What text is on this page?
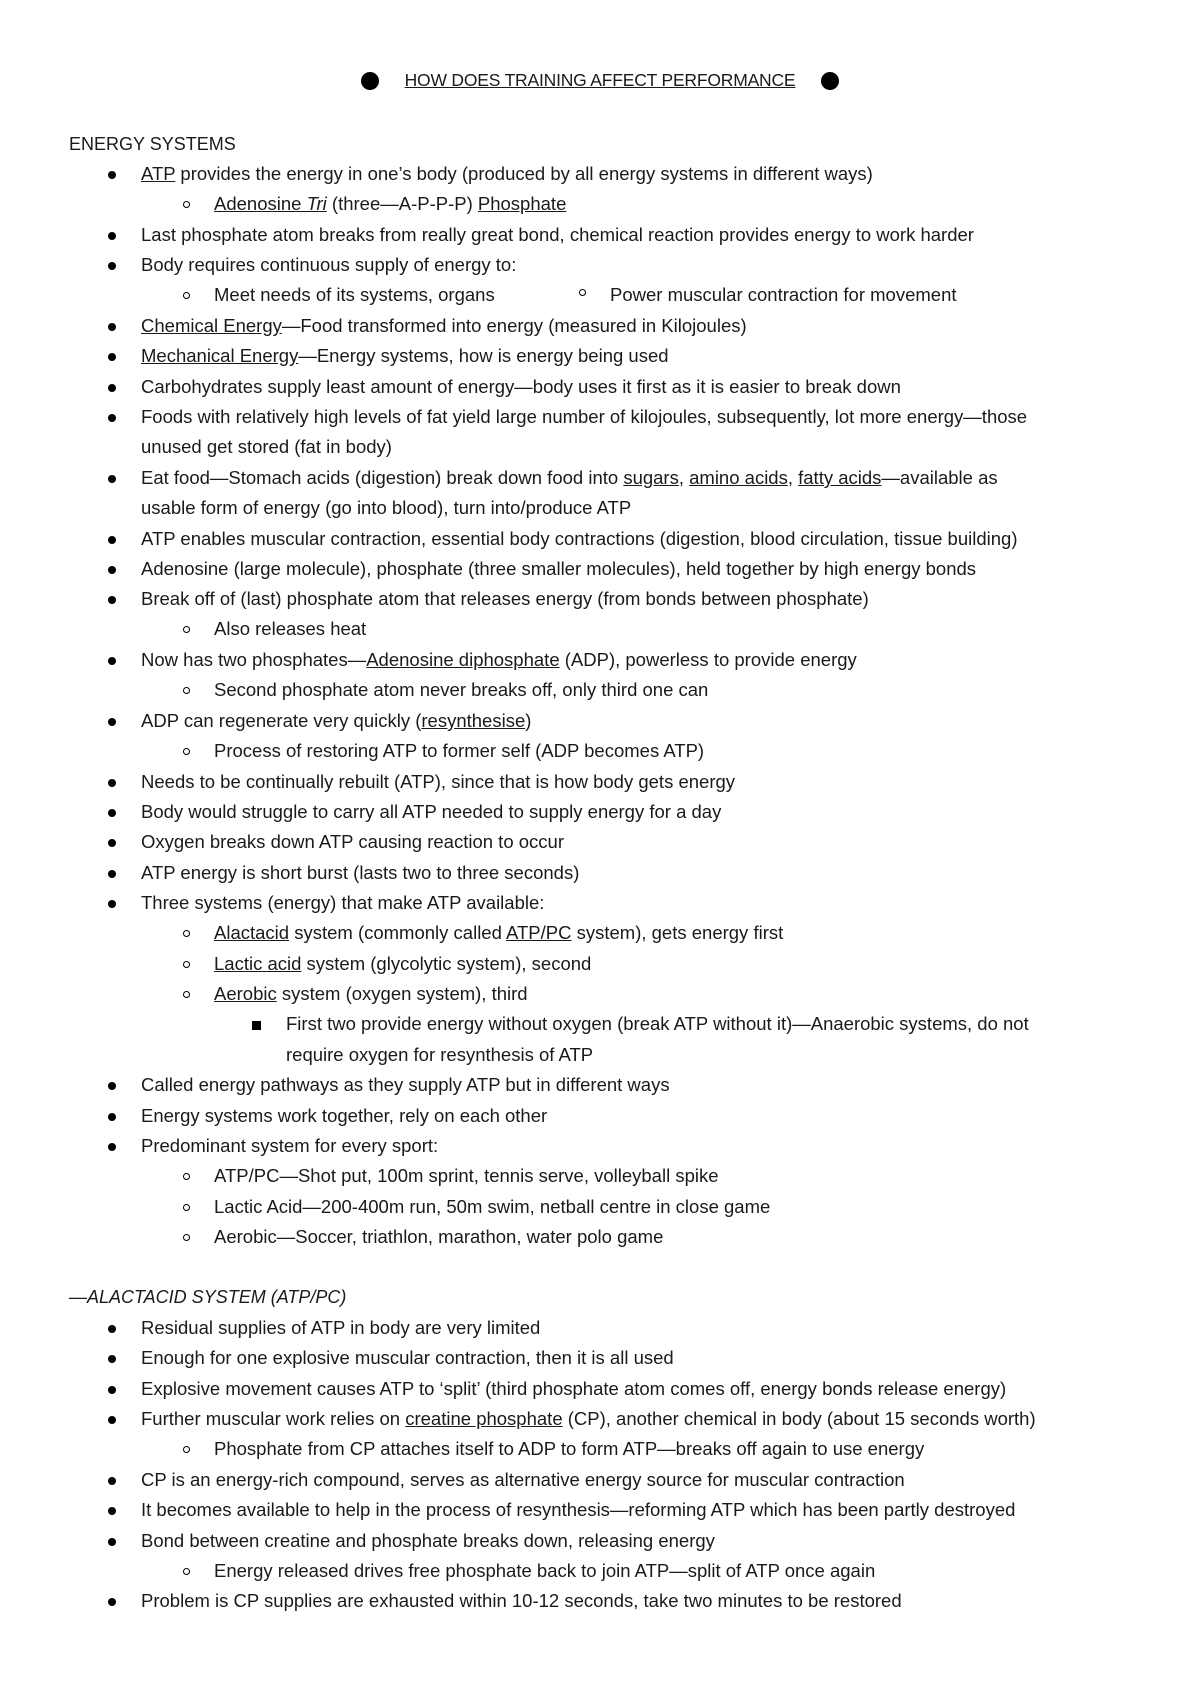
HOW DOES TRAINING AFFECT PERFORMANCE
ENERGY SYSTEMS
ATP provides the energy in one’s body (produced by all energy systems in different ways)
Adenosine Tri (three—A-P-P-P) Phosphate
Last phosphate atom breaks from really great bond, chemical reaction provides energy to work harder
Body requires continuous supply of energy to:
Meet needs of its systems, organs	Power muscular contraction for movement
Chemical Energy—Food transformed into energy (measured in Kilojoules)
Mechanical Energy—Energy systems, how is energy being used
Carbohydrates supply least amount of energy—body uses it first as it is easier to break down
Foods with relatively high levels of fat yield large number of kilojoules, subsequently, lot more energy—those
unused get stored (fat in body)
Eat food—Stomach acids (digestion) break down food into sugars, amino acids, fatty acids—available as
usable form of energy (go into blood), turn into/produce ATP
ATP enables muscular contraction, essential body contractions (digestion, blood circulation, tissue building)
Adenosine (large molecule), phosphate (three smaller molecules), held together by high energy bonds
Break off of (last) phosphate atom that releases energy (from bonds between phosphate)
Also releases heat
Now has two phosphates—Adenosine diphosphate (ADP), powerless to provide energy
Second phosphate atom never breaks off, only third one can
ADP can regenerate very quickly (resynthesise)
Process of restoring ATP to former self (ADP becomes ATP)
Needs to be continually rebuilt (ATP), since that is how body gets energy
Body would struggle to carry all ATP needed to supply energy for a day
Oxygen breaks down ATP causing reaction to occur
ATP energy is short burst (lasts two to three seconds)
Three systems (energy) that make ATP available:
Alactacid system (commonly called ATP/PC system), gets energy first
Lactic acid system (glycolytic system), second
Aerobic system (oxygen system), third
First two provide energy without oxygen (break ATP without it)—Anaerobic systems, do not
require oxygen for resynthesis of ATP
Called energy pathways as they supply ATP but in different ways
Energy systems work together, rely on each other
Predominant system for every sport:
ATP/PC—Shot put, 100m sprint, tennis serve, volleyball spike
Lactic Acid—200-400m run, 50m swim, netball centre in close game
Aerobic—Soccer, triathlon, marathon, water polo game
—ALACTACID SYSTEM (ATP/PC)
Residual supplies of ATP in body are very limited
Enough for one explosive muscular contraction, then it is all used
Explosive movement causes ATP to ‘split’ (third phosphate atom comes off, energy bonds release energy)
Further muscular work relies on creatine phosphate (CP), another chemical in body (about 15 seconds worth)
Phosphate from CP attaches itself to ADP to form ATP—breaks off again to use energy
CP is an energy-rich compound, serves as alternative energy source for muscular contraction
It becomes available to help in the process of resynthesis—reforming ATP which has been partly destroyed
Bond between creatine and phosphate breaks down, releasing energy
Energy released drives free phosphate back to join ATP—split of ATP once again
Problem is CP supplies are exhausted within 10-12 seconds, take two minutes to be restored
